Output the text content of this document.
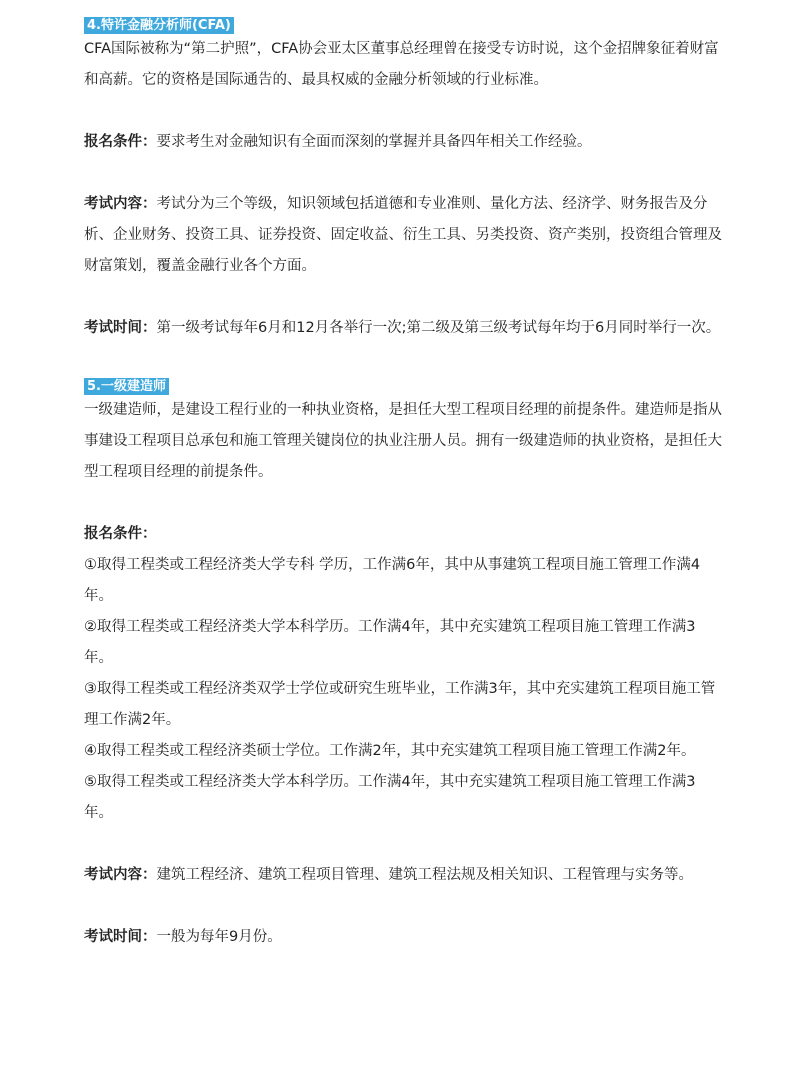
4.特许金融分析师(CFA)

CFA国际被称为“第二护照”，CFA协会亚太区董事总经理曾在接受专访时说，这个金招牌象征着财富和高薪。它的资格是国际通告的、最具权威的金融分析领域的行业标准。

报名条件：要求考生对金融知识有全面而深刻的掌握并具备四年相关工作经验。

考试内容：考试分为三个等级，知识领域包括道德和专业准则、量化方法、经济学、财务报告及分析、企业财务、投资工具、证券投资、固定收益、衍生工具、另类投资、资产类别，投资组合管理及财富策划，覆盖金融行业各个方面。

考试时间：第一级考试每年6月和12月各举行一次;第二级及第三级考试每年均于6月同时举行一次。

5.一级建造师

一级建造师，是建设工程行业的一种执业资格，是担任大型工程项目经理的前提条件。建造师是指从事建设工程项目总承包和施工管理关键岗位的执业注册人员。拥有一级建造师的执业资格，是担任大型工程项目经理的前提条件。

报名条件：

①取得工程类或工程经济类大学专科 学历，工作满6年，其中从事建筑工程项目施工管理工作满4年。

②取得工程类或工程经济类大学本科学历。工作满4年，其中充实建筑工程项目施工管理工作满3年。

③取得工程类或工程经济类双学士学位或研究生班毕业，工作满3年，其中充实建筑工程项目施工管理工作满2年。

④取得工程类或工程经济类硕士学位。工作满2年，其中充实建筑工程项目施工管理工作满2年。

⑤取得工程类或工程经济类大学本科学历。工作满4年，其中充实建筑工程项目施工管理工作满3年。

考试内容：建筑工程经济、建筑工程项目管理、建筑工程法规及相关知识、工程管理与实务等。

考试时间：一般为每年9月份。
